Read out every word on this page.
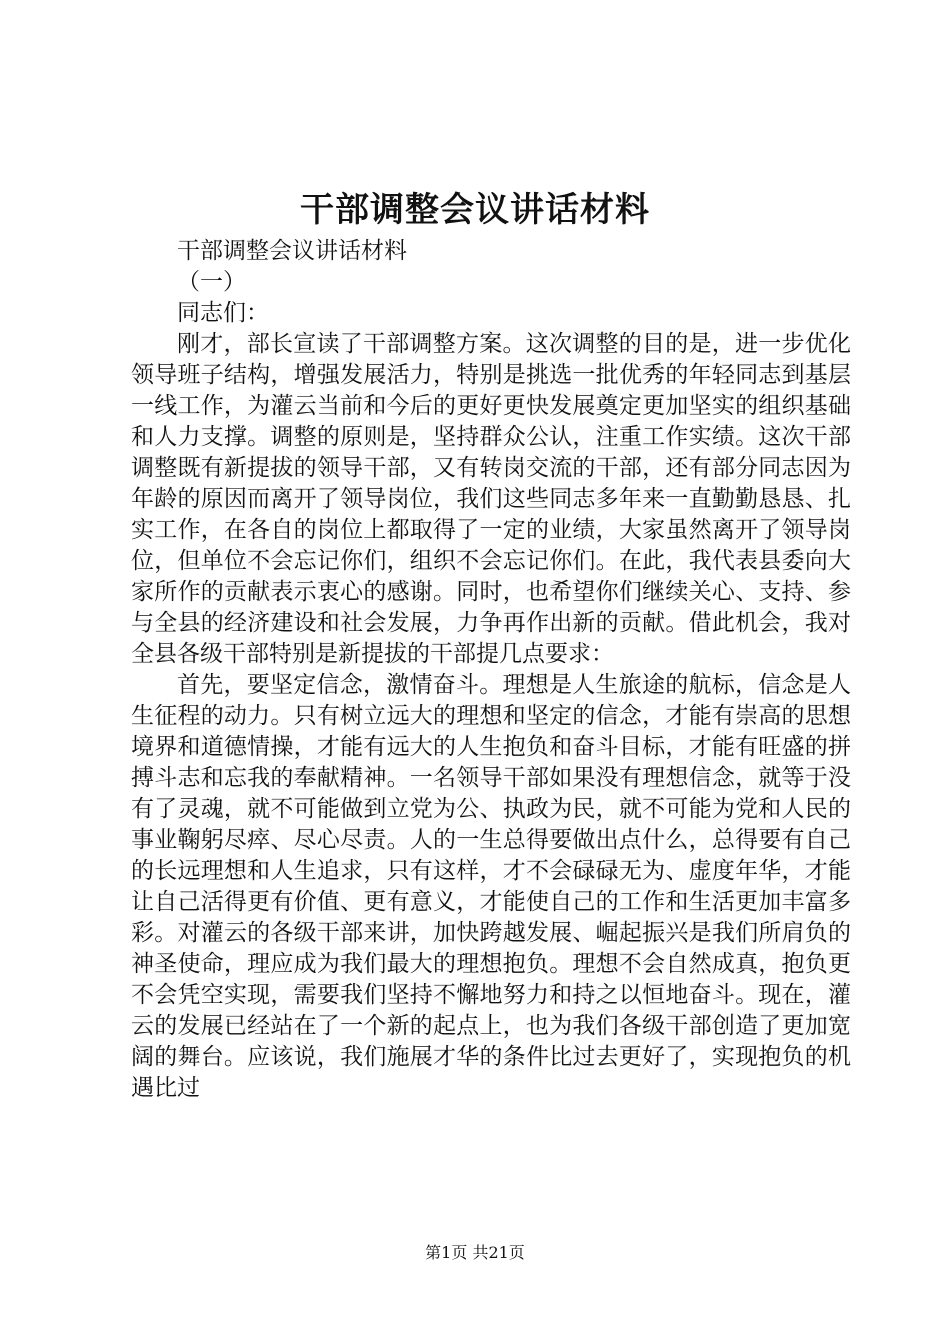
干部调整会议讲话材料

干部调整会议讲话材料

（一）

同志们：

刚才，部长宣读了干部调整方案。这次调整的目的是，进一步优化领导班子结构，增强发展活力，特别是挑选一批优秀的年轻同志到基层一线工作，为灌云当前和今后的更好更快发展奠定更加坚实的组织基础和人力支撑。调整的原则是，坚持群众公认，注重工作实绩。这次干部调整既有新提拔的领导干部，又有转岗交流的干部，还有部分同志因为年龄的原因而离开了领导岗位，我们这些同志多年来一直勤勤恳恳、扎实工作，在各自的岗位上都取得了一定的业绩，大家虽然离开了领导岗位，但单位不会忘记你们，组织不会忘记你们。在此，我代表县委向大家所作的贡献表示衷心的感谢。同时，也希望你们继续关心、支持、参与全县的经济建设和社会发展，力争再作出新的贡献。借此机会，我对全县各级干部特别是新提拔的干部提几点要求：

首先，要坚定信念，激情奋斗。理想是人生旅途的航标，信念是人生征程的动力。只有树立远大的理想和坚定的信念，才能有崇高的思想境界和道德情操，才能有远大的人生抱负和奋斗目标，才能有旺盛的拼搏斗志和忘我的奉献精神。一名领导干部如果没有理想信念，就等于没有了灵魂，就不可能做到立党为公、执政为民，就不可能为党和人民的事业鞠躬尽瘁、尽心尽责。人的一生总得要做出点什么，总得要有自己的长远理想和人生追求，只有这样，才不会碌碌无为、虚度年华，才能让自己活得更有价值、更有意义，才能使自己的工作和生活更加丰富多彩。对灌云的各级干部来讲，加快跨越发展、崛起振兴是我们所肩负的神圣使命，理应成为我们最大的理想抱负。理想不会自然成真，抱负更不会凭空实现，需要我们坚持不懈地努力和持之以恒地奋斗。现在，灌云的发展已经站在了一个新的起点上，也为我们各级干部创造了更加宽阔的舞台。应该说，我们施展才华的条件比过去更好了，实现抱负的机遇比过

第1页 共21页
